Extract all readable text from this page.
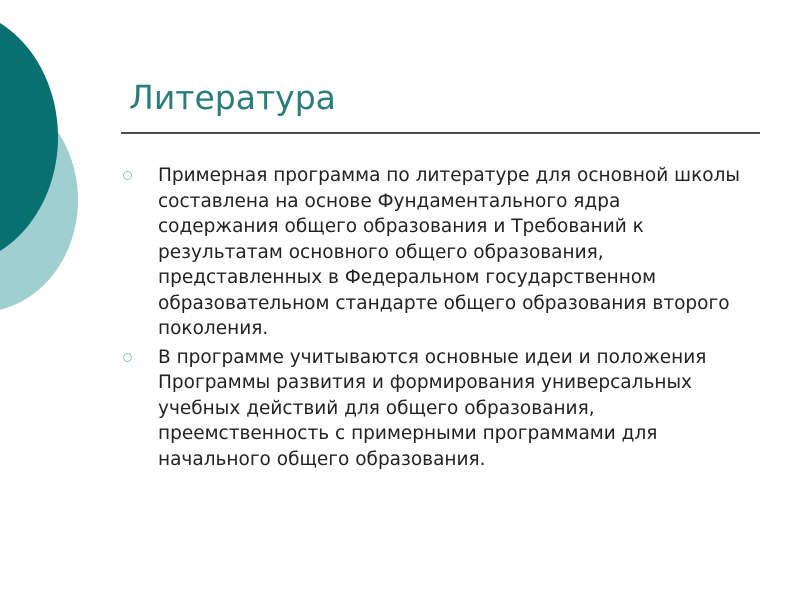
Литература
Примерная программа по литературе для основной школы составлена на основе Фундаментального ядра содержания общего образования и Требований к результатам основного общего образования, представленных в Федеральном государственном образовательном стандарте общего образования второго поколения.
В программе учитываются основные идеи и положения Программы развития и формирования универсальных учебных действий для общего образования, преемственность с примерными программами для начального общего образования.
